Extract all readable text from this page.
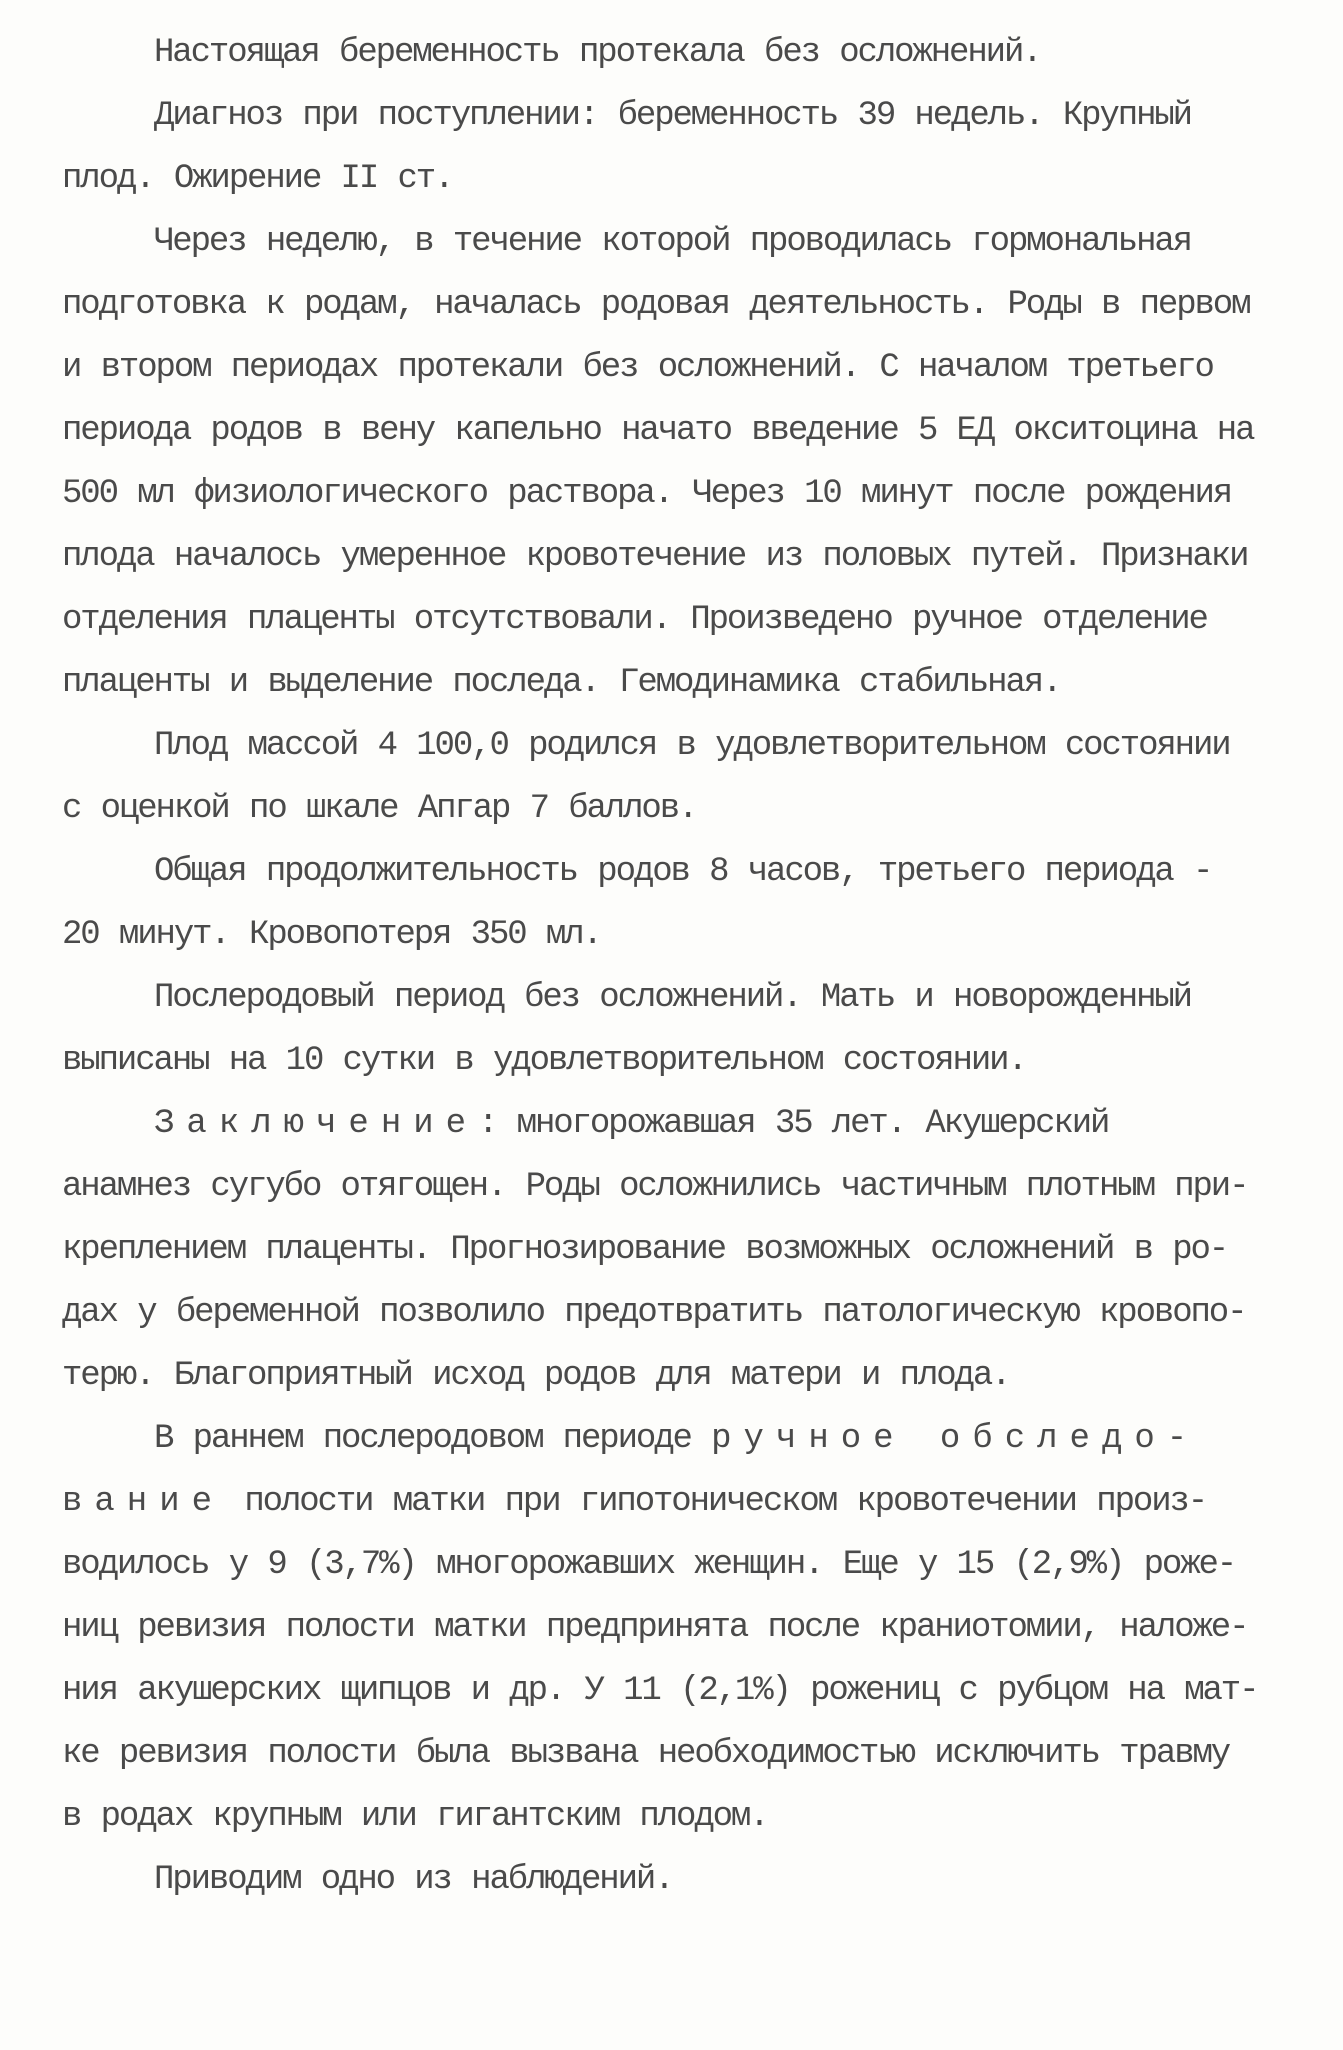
Настоящая беременность протекала без осложнений.
Диагноз при поступлении: беременность 39 недель. Крупный
плод. Ожирение II ст.
Через неделю, в течение которой проводилась гормональная
подготовка к родам, началась родовая деятельность. Роды в первом
и втором периодах протекали без осложнений. С началом третьего
периода родов в вену капельно начато введение 5 ЕД окситоцина на
500 мл физиологического раствора. Через 10 минут после рождения
плода началось умеренное кровотечение из половых путей. Признаки
отделения плаценты отсутствовали. Произведено ручное отделение
плаценты и выделение последа. Гемодинамика стабильная.
Плод массой 4 100,0 родился в удовлетворительном состоянии
с оценкой по шкале Апгар 7 баллов.
Общая продолжительность родов 8 часов, третьего периода -
20 минут. Кровопотеря 350 мл.
Послеродовый период без осложнений. Мать и новорожденный
выписаны на 10 сутки в удовлетворительном состоянии.
Заключение: многорожавшая 35 лет. Акушерский
анамнез сугубо отягощен. Роды осложнились частичным плотным при-
креплением плаценты. Прогнозирование возможных осложнений в ро-
дах у беременной позволило предотвратить патологическую кровопо-
терю. Благоприятный исход родов для матери и плода.
В раннем послеродовом периоде ручное обследо-
вание полости матки при гипотоническом кровотечении произ-
водилось у 9 (3,7%) многорожавших женщин. Еще у 15 (2,9%) роже-
ниц ревизия полости матки предпринята после краниотомии, наложе-
ния акушерских щипцов и др. У 11 (2,1%) рожениц с рубцом на мат-
ке ревизия полости была вызвана необходимостью исключить травму
в родах крупным или гигантским плодом.
Приводим одно из наблюдений.
